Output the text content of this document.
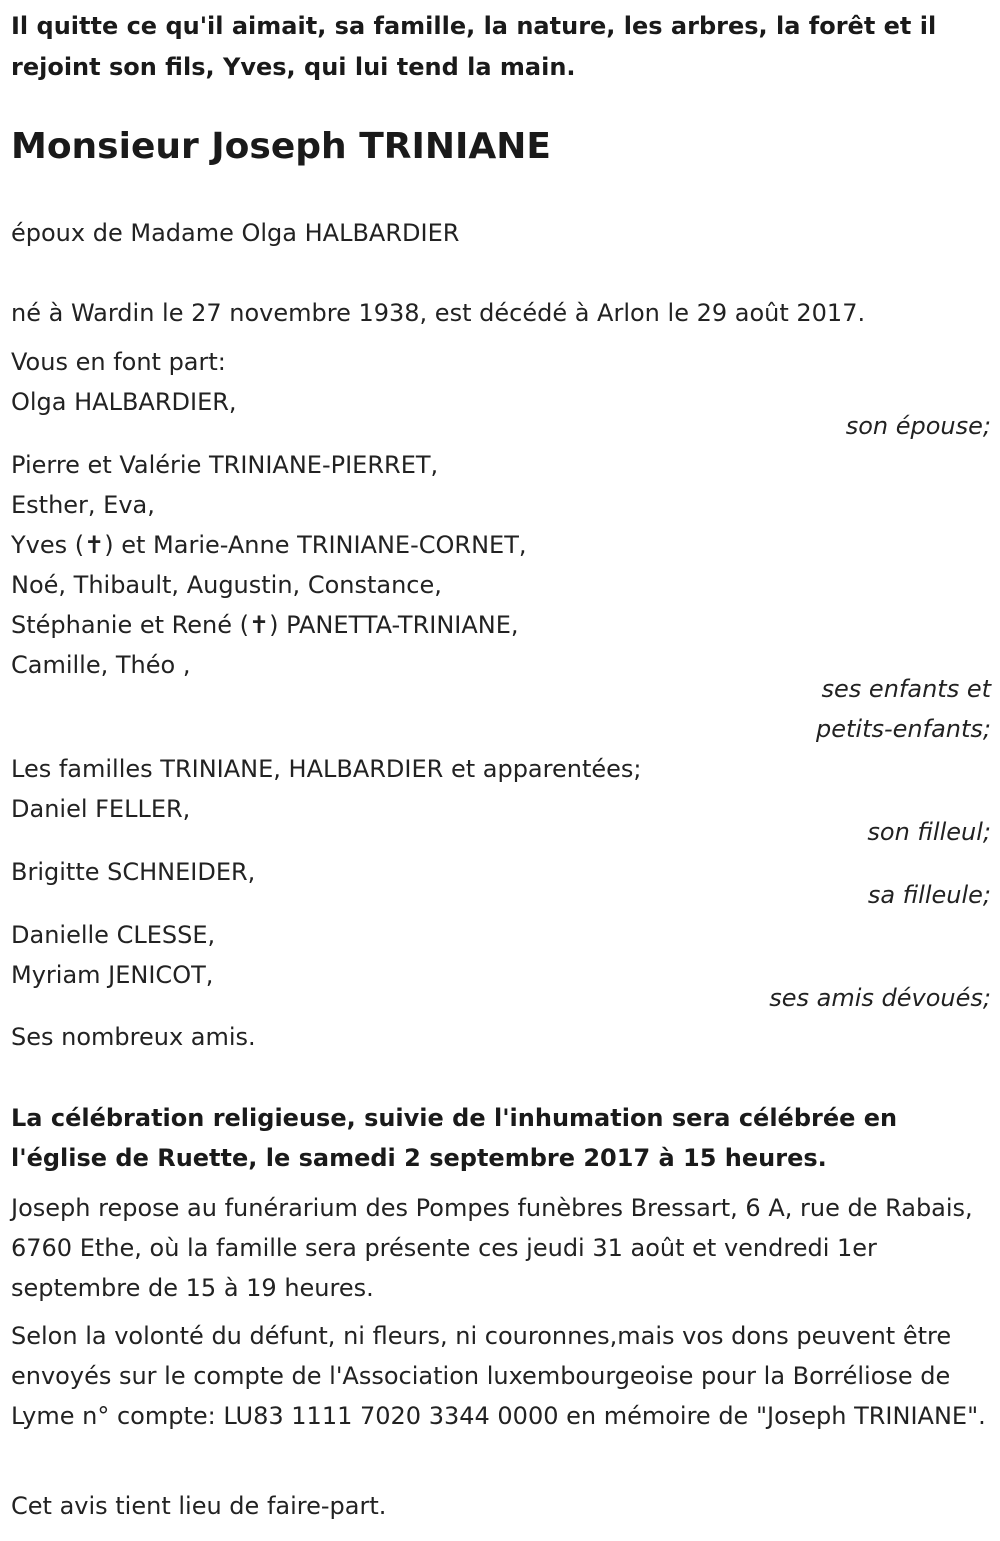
Il quitte ce qu'il aimait, sa famille, la nature, les arbres, la forêt et il rejoint son fils, Yves, qui lui tend la main.
Monsieur Joseph TRINIANE
époux de Madame Olga HALBARDIER
né à Wardin le 27 novembre 1938, est décédé à Arlon le 29 août 2017.
Vous en font part:
Olga HALBARDIER,
son épouse;
Pierre et Valérie TRINIANE-PIERRET,
Esther, Eva,
Yves (✝) et Marie-Anne TRINIANE-CORNET,
Noé, Thibault, Augustin, Constance,
Stéphanie et René (✝) PANETTA-TRINIANE,
Camille, Théo ,
ses enfants et
petits-enfants;
Les familles TRINIANE, HALBARDIER et apparentées;
Daniel FELLER,
son filleul;
Brigitte SCHNEIDER,
sa filleule;
Danielle CLESSE,
Myriam JENICOT,
ses amis dévoués;
Ses nombreux amis.
La célébration religieuse, suivie de l'inhumation sera célébrée en l'église de Ruette, le samedi 2 septembre 2017 à 15 heures.
Joseph repose au funérarium des Pompes funèbres Bressart, 6 A, rue de Rabais, 6760 Ethe, où la famille sera présente ces jeudi 31 août et vendredi 1er septembre de 15 à 19 heures.
Selon la volonté du défunt, ni fleurs, ni couronnes,mais vos dons peuvent être envoyés sur le compte de l'Association luxembourgeoise pour la Borréliose de Lyme n° compte: LU83 1111 7020 3344 0000 en mémoire de "Joseph TRINIANE".
Cet avis tient lieu de faire-part.
